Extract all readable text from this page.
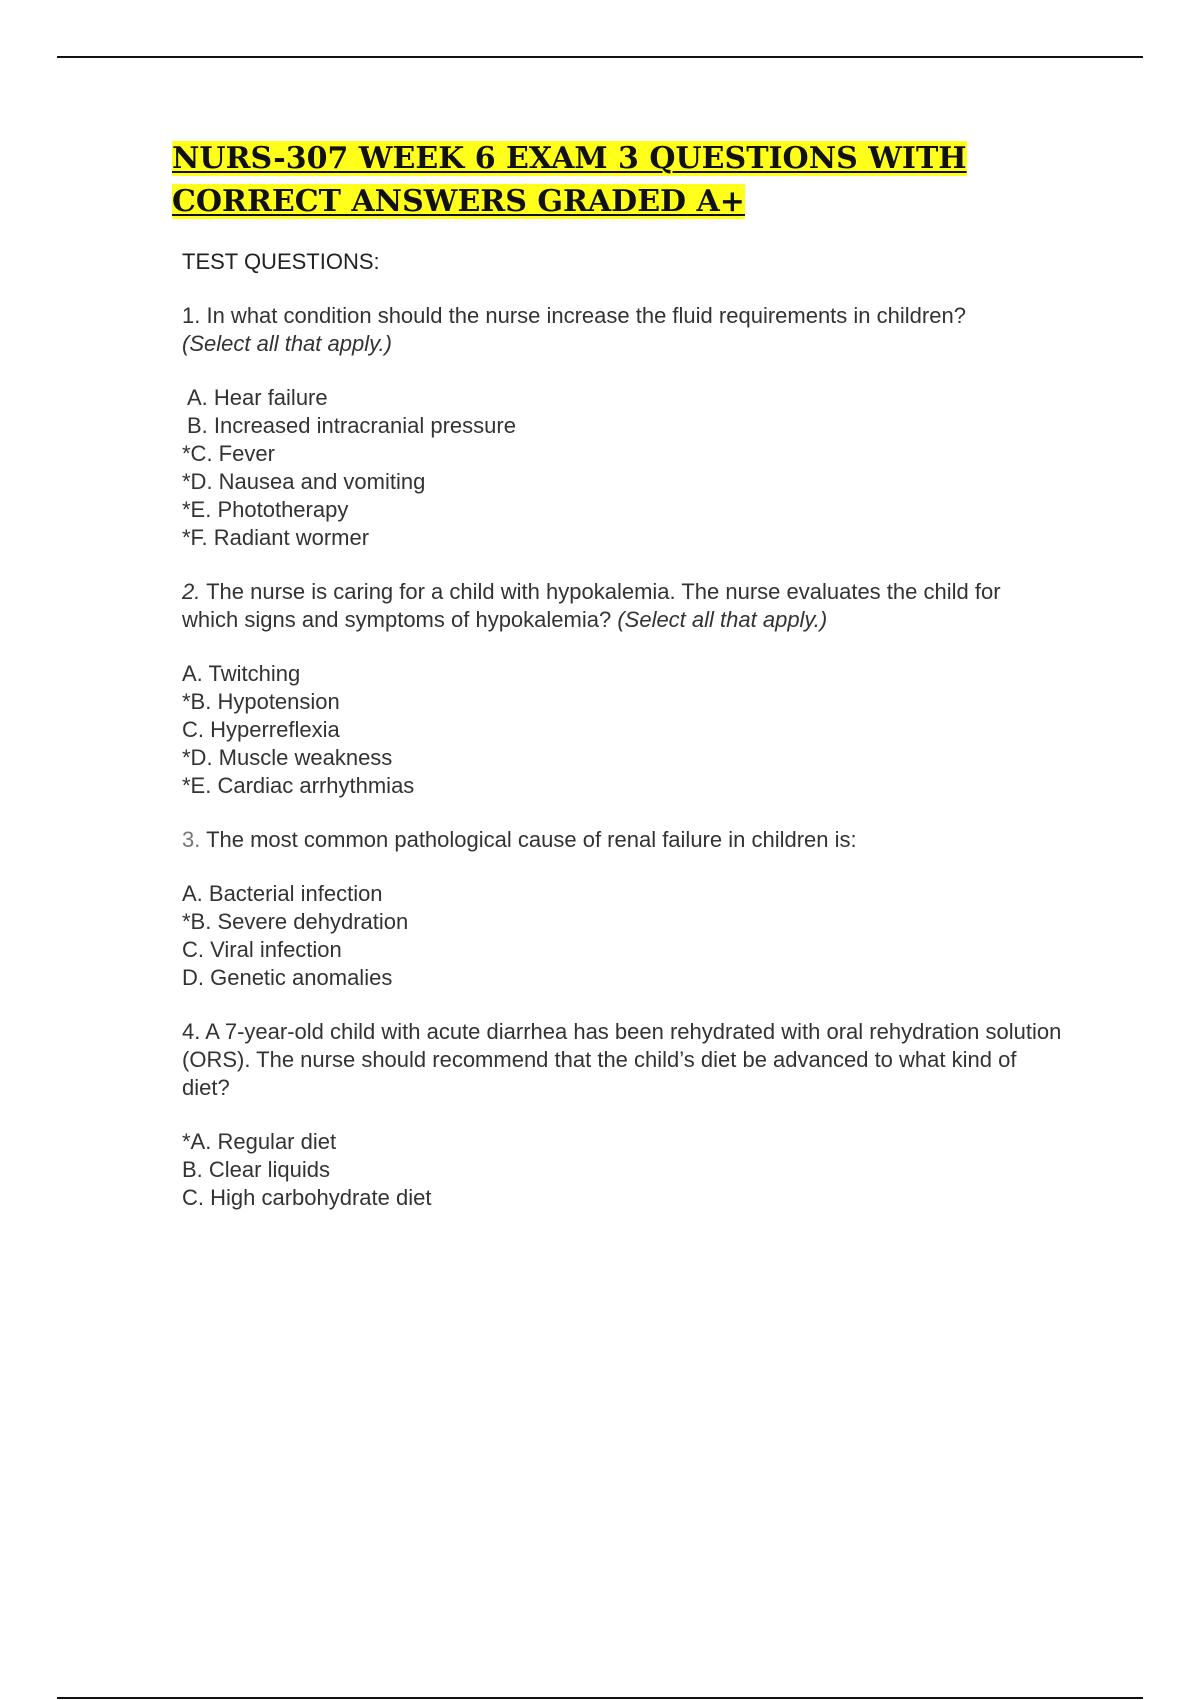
NURS-307 WEEK 6 EXAM 3 QUESTIONS WITH
CORRECT ANSWERS GRADED A+
TEST QUESTIONS:
1. In what condition should the nurse increase the fluid requirements in children?
(Select all that apply.)
A. Hear failure
B. Increased intracranial pressure
*C. Fever
*D. Nausea and vomiting
*E. Phototherapy
*F. Radiant wormer
2. The nurse is caring for a child with hypokalemia. The nurse evaluates the child for which signs and symptoms of hypokalemia? (Select all that apply.)
A. Twitching
*B. Hypotension
C. Hyperreflexia
*D. Muscle weakness
*E. Cardiac arrhythmias
3. The most common pathological cause of renal failure in children is:
A. Bacterial infection
*B. Severe dehydration
C. Viral infection
D. Genetic anomalies
4. A 7-year-old child with acute diarrhea has been rehydrated with oral rehydration solution (ORS). The nurse should recommend that the child’s diet be advanced to what kind of diet?
*A. Regular diet
B. Clear liquids
C. High carbohydrate diet
